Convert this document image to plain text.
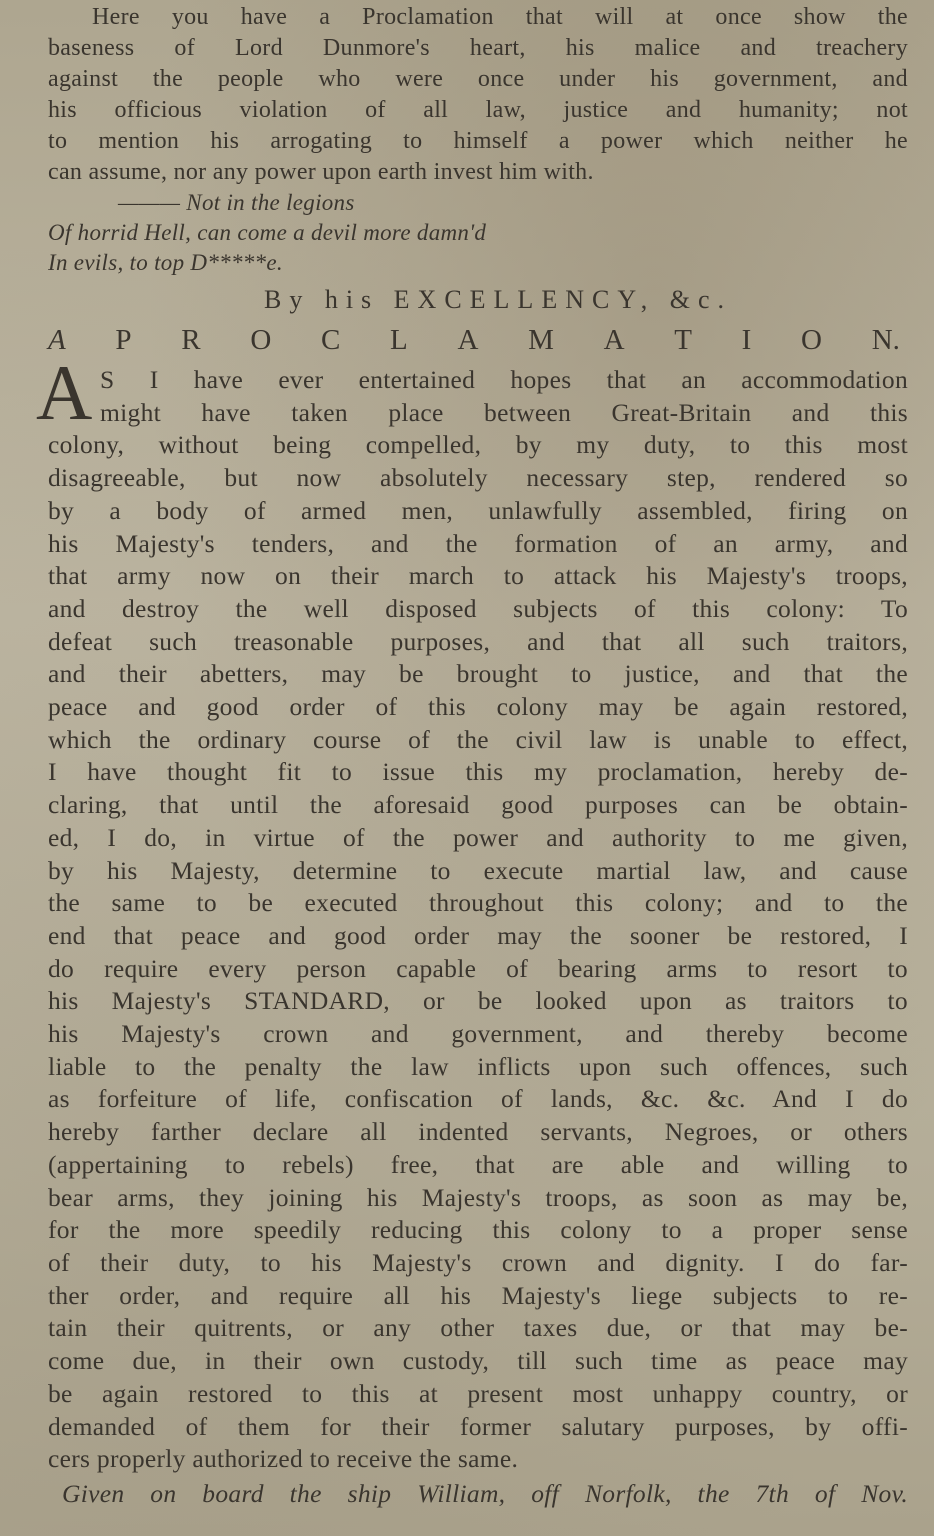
Here you have a Proclamation that will at once show the
baseness of Lord Dunmore's heart, his malice and treachery
against the people who were once under his government, and
his officious violation of all law, justice and humanity; not
to mention his arrogating to himself a power which neither he
can assume, nor any power upon earth invest him with.
——— Not in the legions
Of horrid Hell, can come a devil more damn'd
In evils, to top D*****e.
By his EXCELLENCY, &c.
A P R O C L A M A T I O N.
A S I have ever entertained hopes that an accommodation
might have taken place between Great-Britain and this
colony, without being compelled, by my duty, to this most
disagreeable, but now absolutely necessary step, rendered so
by a body of armed men, unlawfully assembled, firing on
his Majesty's tenders, and the formation of an army, and
that army now on their march to attack his Majesty's troops,
and destroy the well disposed subjects of this colony: To
defeat such treasonable purposes, and that all such traitors,
and their abetters, may be brought to justice, and that the
peace and good order of this colony may be again restored,
which the ordinary course of the civil law is unable to effect,
I have thought fit to issue this my proclamation, hereby de-
claring, that until the aforesaid good purposes can be obtain-
ed, I do, in virtue of the power and authority to me given,
by his Majesty, determine to execute martial law, and cause
the same to be executed throughout this colony; and to the
end that peace and good order may the sooner be restored, I
do require every person capable of bearing arms to resort to
his Majesty's STANDARD, or be looked upon as traitors to
his Majesty's crown and government, and thereby become
liable to the penalty the law inflicts upon such offences, such
as forfeiture of life, confiscation of lands, &c. &c. And I do
hereby farther declare all indented servants, Negroes, or others
(appertaining to rebels) free, that are able and willing to
bear arms, they joining his Majesty's troops, as soon as may be,
for the more speedily reducing this colony to a proper sense
of their duty, to his Majesty's crown and dignity. I do far-
ther order, and require all his Majesty's liege subjects to re-
tain their quitrents, or any other taxes due, or that may be-
come due, in their own custody, till such time as peace may
be again restored to this at present most unhappy country, or
demanded of them for their former salutary purposes, by offi-
cers properly authorized to receive the same.
Given on board the ship William, off Norfolk, the 7th of Nov.
